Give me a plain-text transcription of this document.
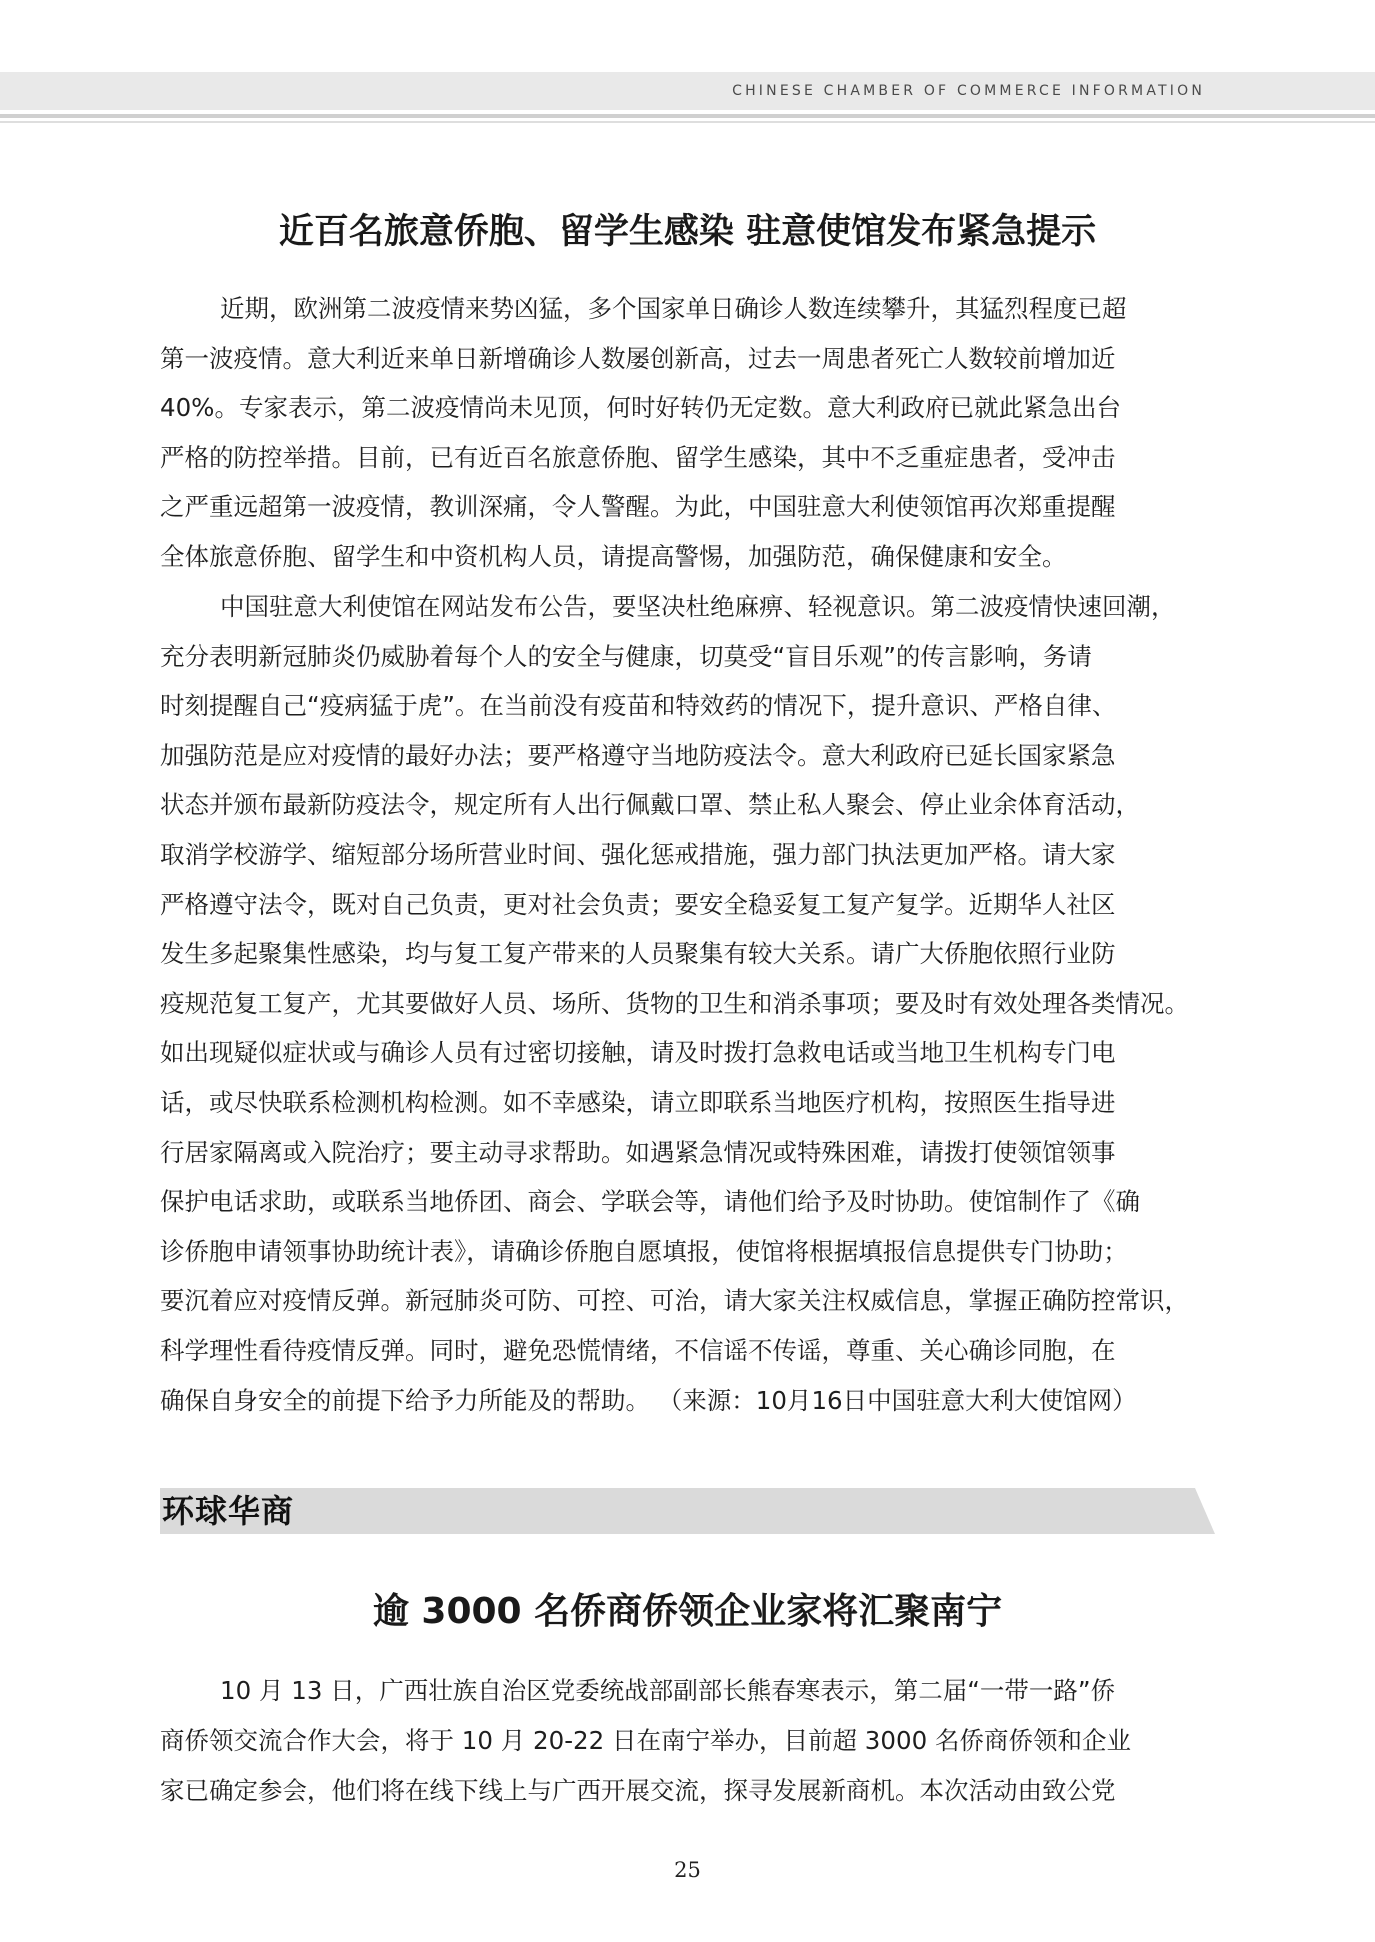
CHINESE CHAMBER OF COMMERCE INFORMATION
近百名旅意侨胞、留学生感染 驻意使馆发布紧急提示
近期，欧洲第二波疫情来势凶猛，多个国家单日确诊人数连续攀升，其猛烈程度已超
第一波疫情。意大利近来单日新增确诊人数屡创新高，过去一周患者死亡人数较前增加近
40%。专家表示，第二波疫情尚未见顶，何时好转仍无定数。意大利政府已就此紧急出台
严格的防控举措。目前，已有近百名旅意侨胞、留学生感染，其中不乏重症患者，受冲击
之严重远超第一波疫情，教训深痛，令人警醒。为此，中国驻意大利使领馆再次郑重提醒
全体旅意侨胞、留学生和中资机构人员，请提高警惕，加强防范，确保健康和安全。
中国驻意大利使馆在网站发布公告，要坚决杜绝麻痹、轻视意识。第二波疫情快速回潮，
充分表明新冠肺炎仍威胁着每个人的安全与健康，切莫受“盲目乐观”的传言影响，务请
时刻提醒自己“疫病猛于虎”。在当前没有疫苗和特效药的情况下，提升意识、严格自律、
加强防范是应对疫情的最好办法；要严格遵守当地防疫法令。意大利政府已延长国家紧急
状态并颁布最新防疫法令，规定所有人出行佩戴口罩、禁止私人聚会、停止业余体育活动，
取消学校游学、缩短部分场所营业时间、强化惩戒措施，强力部门执法更加严格。请大家
严格遵守法令，既对自己负责，更对社会负责；要安全稳妥复工复产复学。近期华人社区
发生多起聚集性感染，均与复工复产带来的人员聚集有较大关系。请广大侨胞依照行业防
疫规范复工复产，尤其要做好人员、场所、货物的卫生和消杀事项；要及时有效处理各类情况。
如出现疑似症状或与确诊人员有过密切接触，请及时拨打急救电话或当地卫生机构专门电
话，或尽快联系检测机构检测。如不幸感染，请立即联系当地医疗机构，按照医生指导进
行居家隔离或入院治疗；要主动寻求帮助。如遇紧急情况或特殊困难，请拨打使领馆领事
保护电话求助，或联系当地侨团、商会、学联会等，请他们给予及时协助。使馆制作了《确
诊侨胞申请领事协助统计表》，请确诊侨胞自愿填报，使馆将根据填报信息提供专门协助；
要沉着应对疫情反弹。新冠肺炎可防、可控、可治，请大家关注权威信息，掌握正确防控常识，
科学理性看待疫情反弹。同时，避免恐慌情绪，不信谣不传谣，尊重、关心确诊同胞，在
确保自身安全的前提下给予力所能及的帮助。 （来源：10月16日中国驻意大利大使馆网）
环球华商
逾 3000 名侨商侨领企业家将汇聚南宁
10 月 13 日，广西壮族自治区党委统战部副部长熊春寒表示，第二届“一带一路”侨
商侨领交流合作大会，将于 10 月 20-22 日在南宁举办，目前超 3000 名侨商侨领和企业
家已确定参会，他们将在线下线上与广西开展交流，探寻发展新商机。本次活动由致公党
25
